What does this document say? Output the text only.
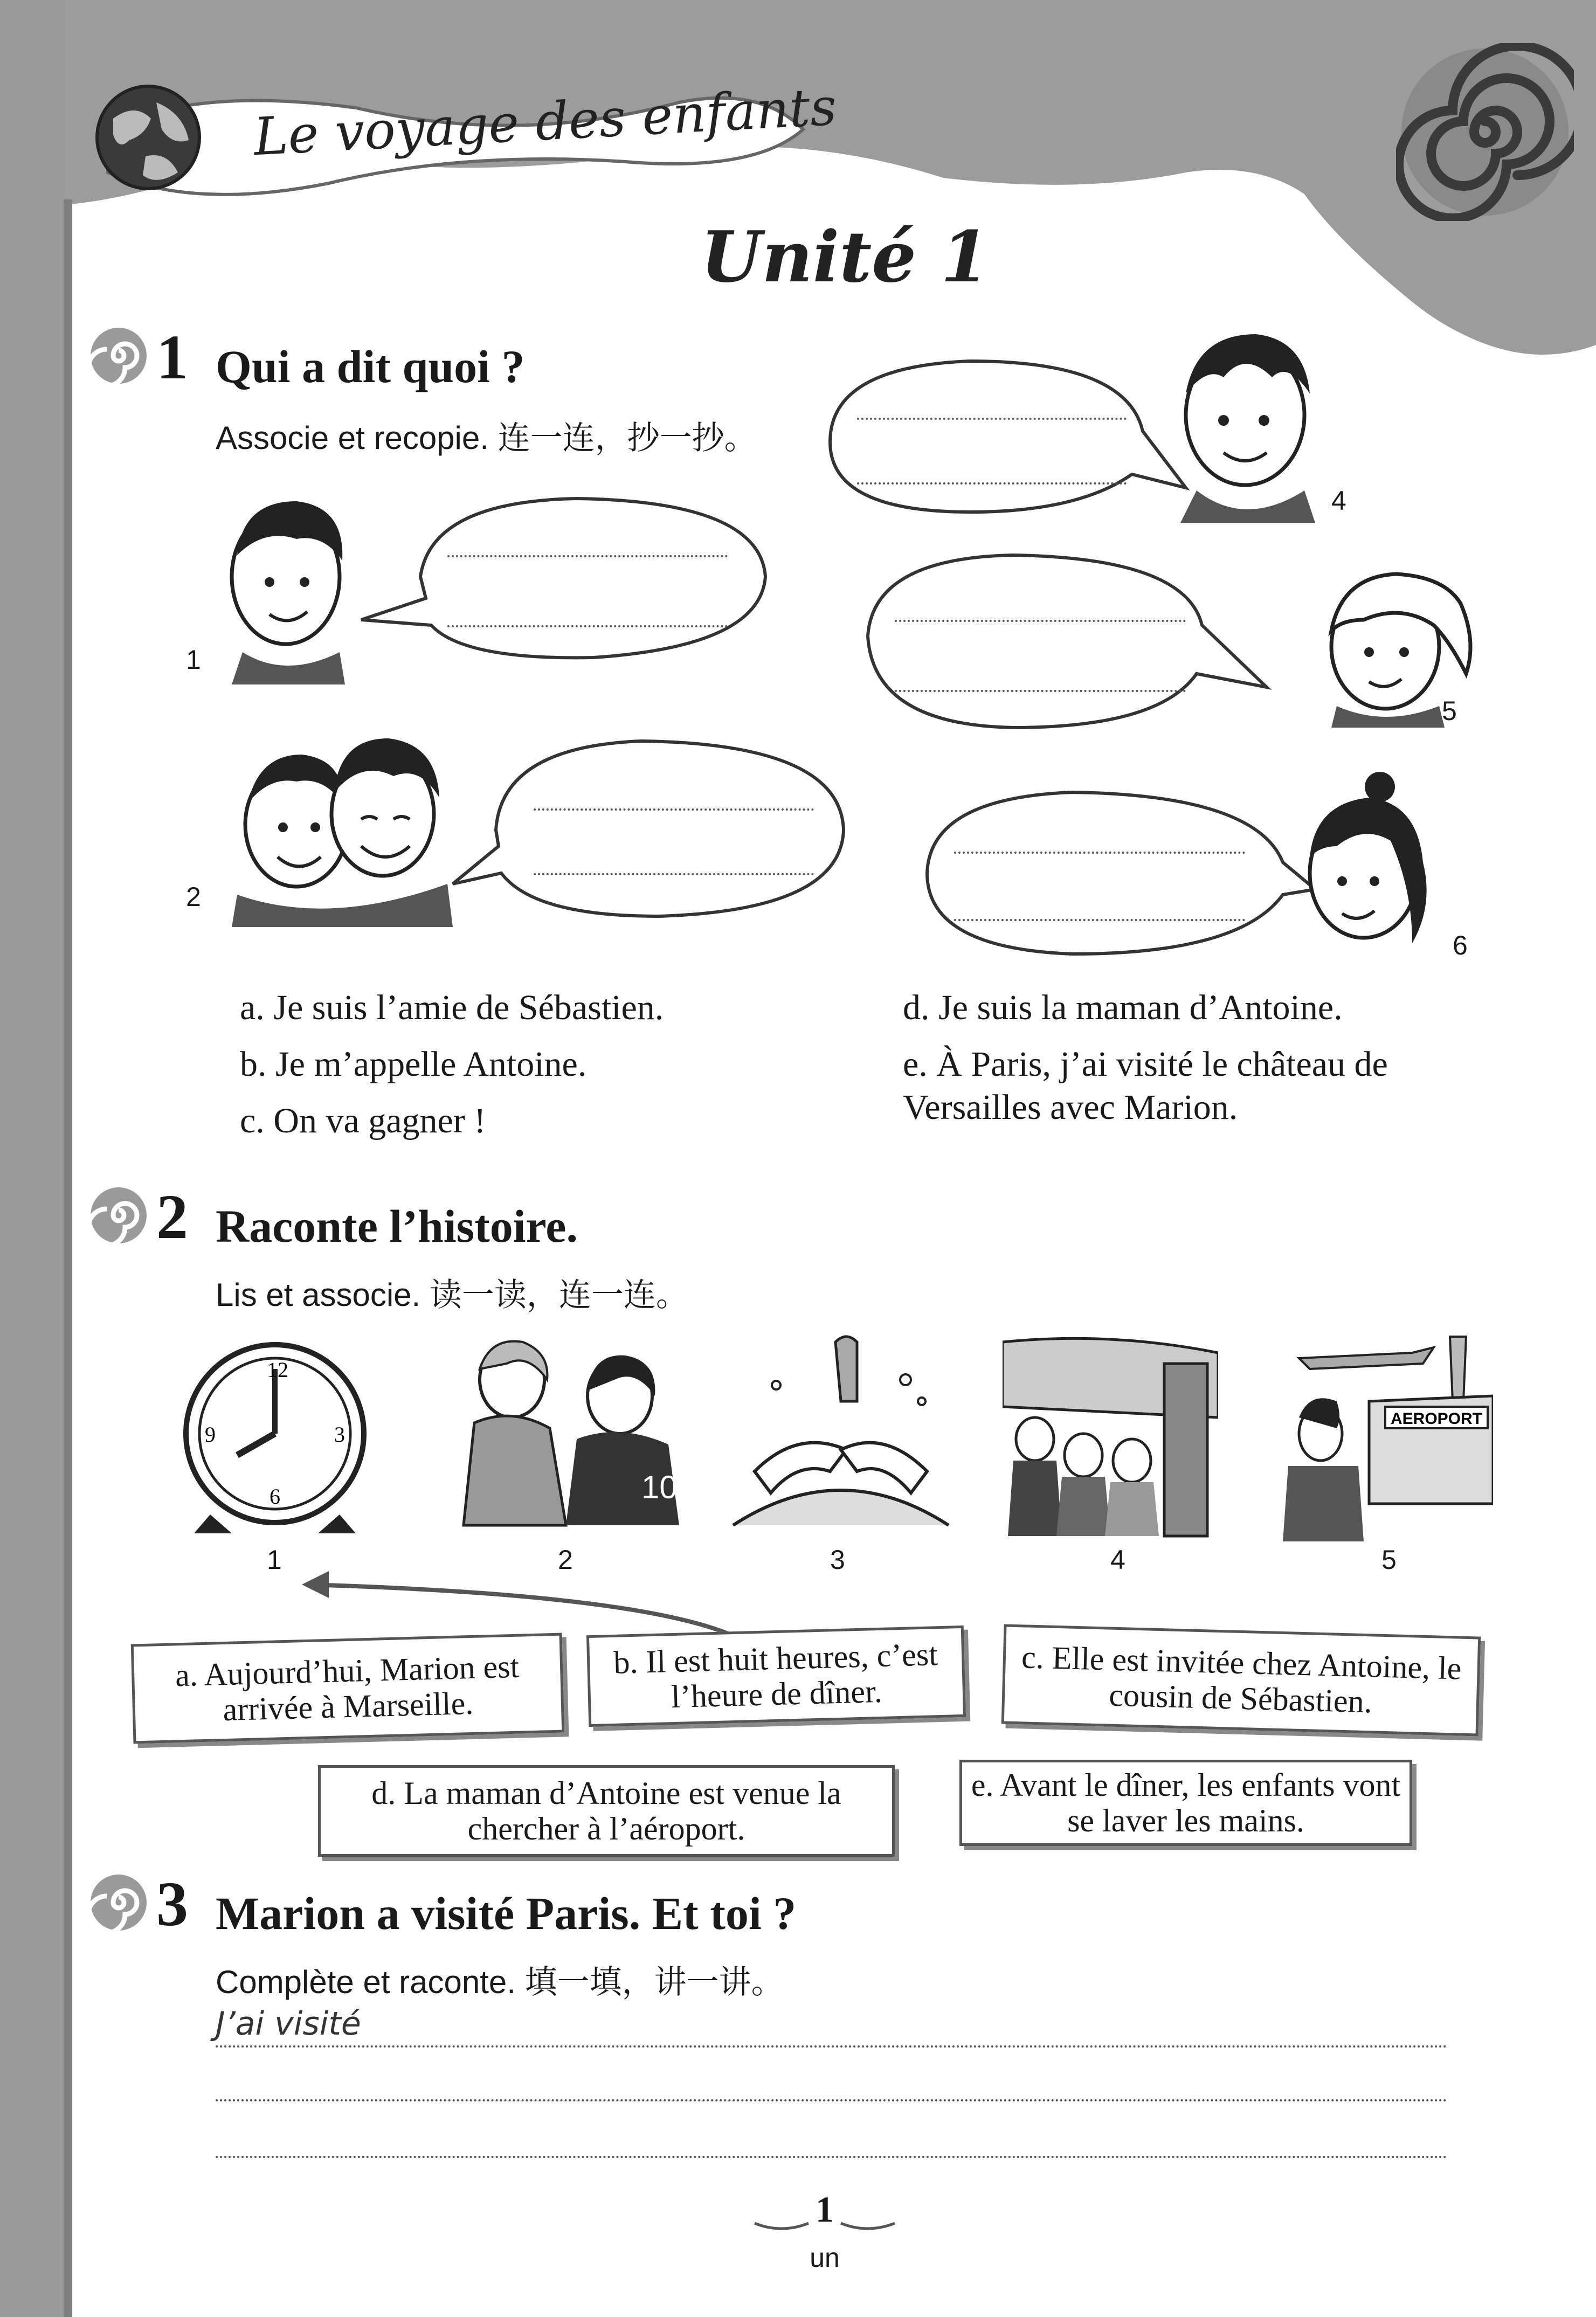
Le voyage des enfants
Unité 1
1 Qui a dit quoi ?
Associe et recopie. 连一连，抄一抄。
4
1
5
2
6
a. Je suis l’amie de Sébastien.
b. Je m’appelle Antoine.
c. On va gagner !
d. Je suis la maman d’Antoine.
e. À Paris, j’ai visité le château de Versailles avec Marion.
2 Raconte l’histoire.
Lis et associe. 读一读，连一连。
12
3
6
9
1
10
2	3	4
AEROPORT
5
a. Aujourd’hui, Marion est arrivée à Marseille.
b. Il est huit heures, c’est l’heure de dîner.
c. Elle est invitée chez Antoine, le cousin de Sébastien.
d. La maman d’Antoine est venue la chercher à l’aéroport.
e. Avant le dîner, les enfants vont se laver les mains.
3 Marion a visité Paris. Et toi ?
Complète et raconte. 填一填，讲一讲。
J’ai visité
1
un
